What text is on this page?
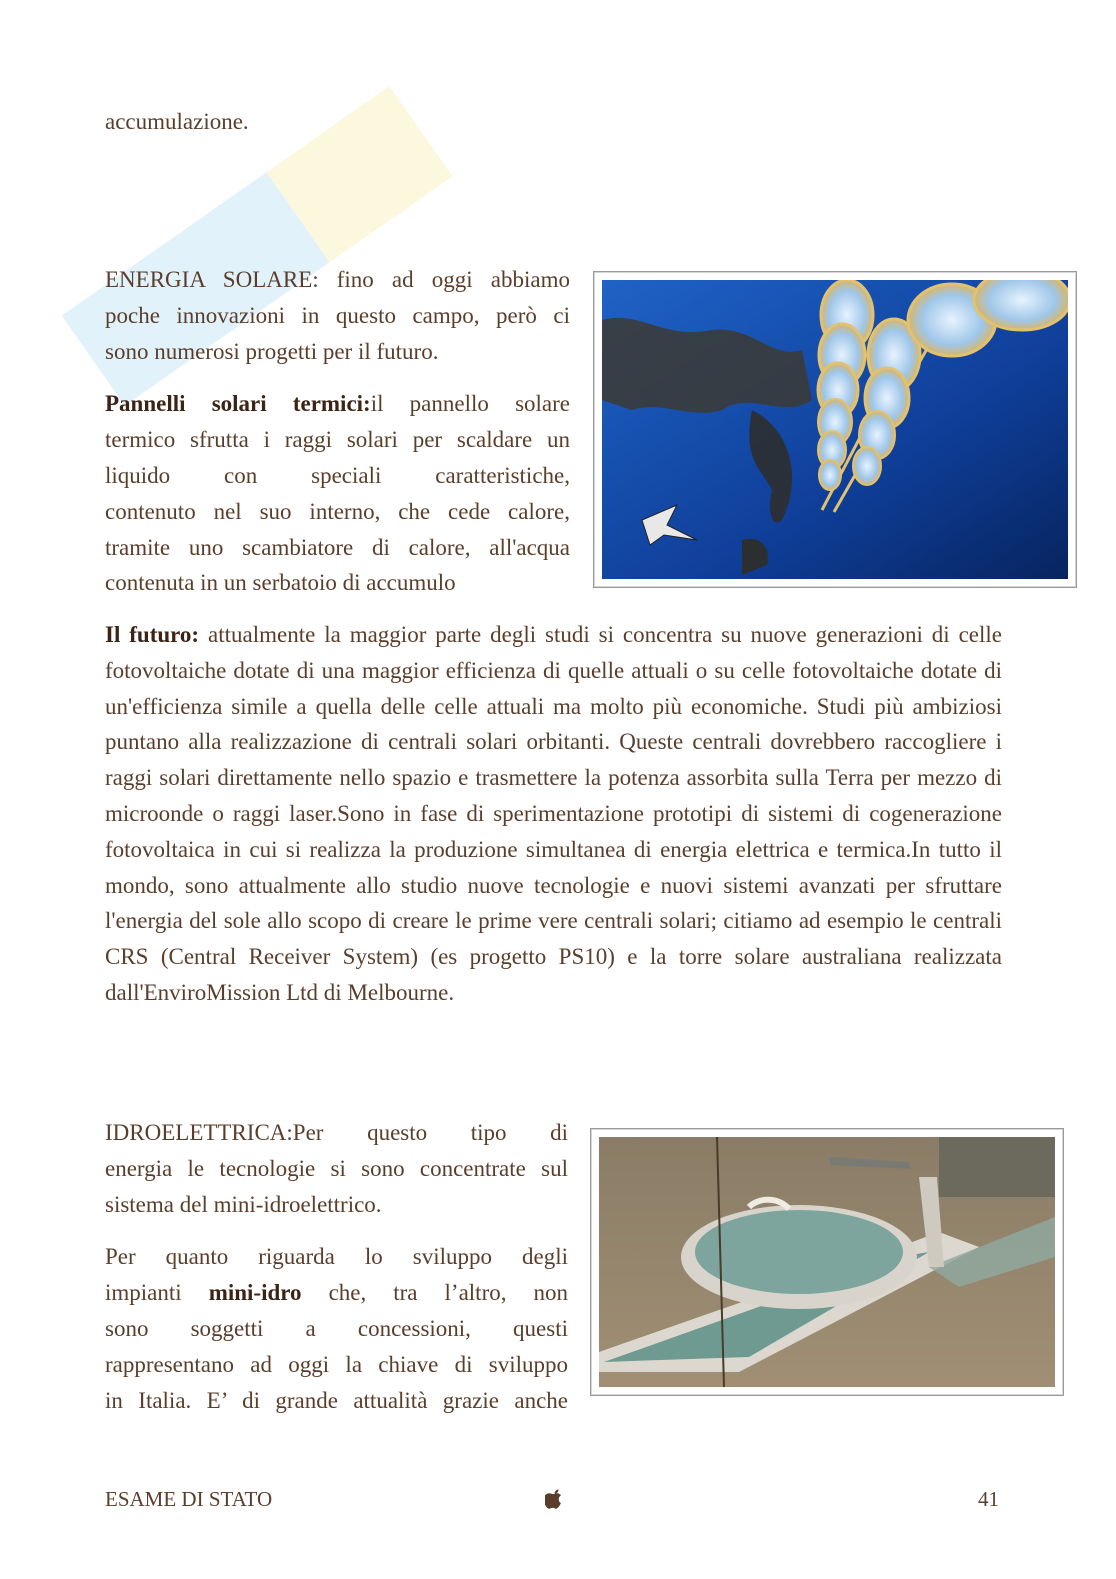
accumulazione.

ENERGIA SOLARE: fino ad oggi abbiamo
poche innovazioni in questo campo, però ci
sono numerosi progetti per il futuro.

Pannelli solari termici:il pannello solare
termico sfrutta i raggi solari per scaldare un
liquido con speciali caratteristiche,
contenuto nel suo interno, che cede calore,
tramite uno scambiatore di calore, all'acqua
contenuta in un serbatoio di accumulo

Il futuro: attualmente la maggior parte degli studi si concentra su nuove generazioni di celle fotovoltaiche dotate di una maggior efficienza di quelle attuali o su celle fotovoltaiche dotate di un'efficienza simile a quella delle celle attuali ma molto più economiche. Studi più ambiziosi puntano alla realizzazione di centrali solari orbitanti. Queste centrali dovrebbero raccogliere i raggi solari direttamente nello spazio e trasmettere la potenza assorbita sulla Terra per mezzo di microonde o raggi laser.Sono in fase di sperimentazione prototipi di sistemi di cogenerazione fotovoltaica in cui si realizza la produzione simultanea di energia elettrica e termica.In tutto il mondo, sono attualmente allo studio nuove tecnologie e nuovi sistemi avanzati per sfruttare l'energia del sole allo scopo di creare le prime vere centrali solari; citiamo ad esempio le centrali CRS (Central Receiver System) (es progetto PS10) e la torre solare australiana realizzata dall'EnviroMission Ltd di Melbourne.

IDROELETTRICA:Per questo tipo di
energia le tecnologie si sono concentrate sul
sistema del mini-idroelettrico.

Per quanto riguarda lo sviluppo degli
impianti mini-idro che, tra l’altro, non
sono soggetti a concessioni, questi
rappresentano ad oggi la chiave di sviluppo
in Italia. E’ di grande attualità grazie anche

ESAME DI STATO	41
